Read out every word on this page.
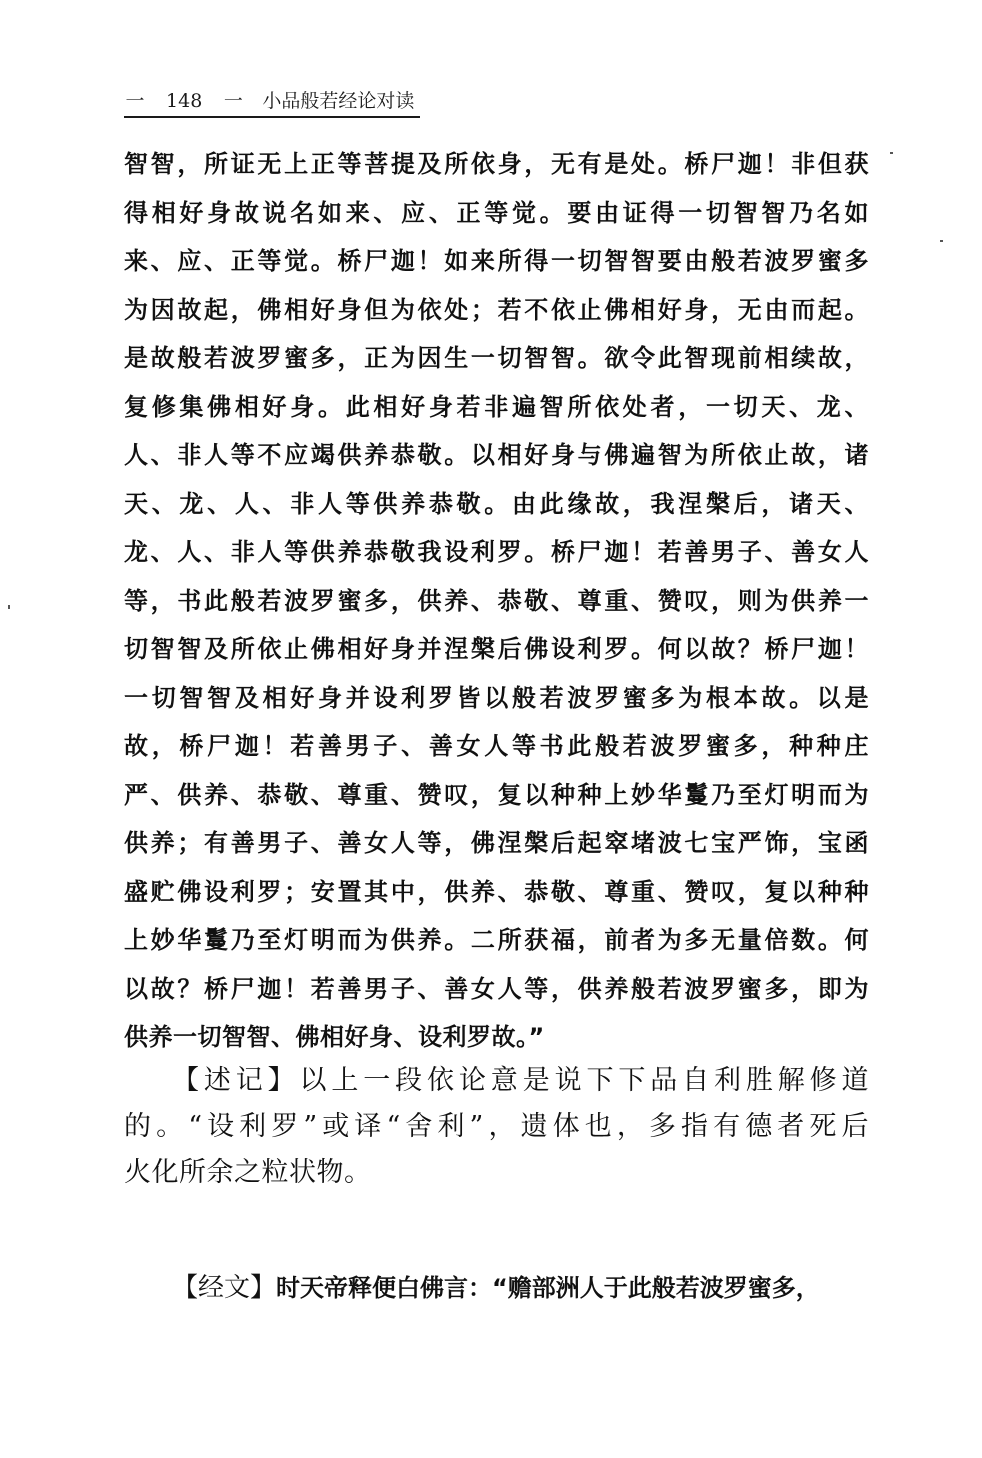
一 148 一 小品般若经论对读
智智，所证无上正等菩提及所依身，无有是处。桥尸迦！非但获
得相好身故说名如来、应、正等觉。要由证得一切智智乃名如
来、应、正等觉。桥尸迦！如来所得一切智智要由般若波罗蜜多
为因故起，佛相好身但为依处；若不依止佛相好身，无由而起。
是故般若波罗蜜多，正为因生一切智智。欲令此智现前相续故，
复修集佛相好身。此相好身若非遍智所依处者，一切天、龙、
人、非人等不应竭供养恭敬。以相好身与佛遍智为所依止故，诸
天、龙、人、非人等供养恭敬。由此缘故，我涅槃后，诸天、
龙、人、非人等供养恭敬我设利罗。桥尸迦！若善男子、善女人
等，书此般若波罗蜜多，供养、恭敬、尊重、赞叹，则为供养一
切智智及所依止佛相好身并涅槃后佛设利罗。何以故？桥尸迦！
一切智智及相好身并设利罗皆以般若波罗蜜多为根本故。以是
故，桥尸迦！若善男子、善女人等书此般若波罗蜜多，种种庄
严、供养、恭敬、尊重、赞叹，复以种种上妙华鬘乃至灯明而为
供养；有善男子、善女人等，佛涅槃后起窣堵波七宝严饰，宝函
盛贮佛设利罗；安置其中，供养、恭敬、尊重、赞叹，复以种种
上妙华鬘乃至灯明而为供养。二所获福，前者为多无量倍数。何
以故？桥尸迦！若善男子、善女人等，供养般若波罗蜜多，即为
供养一切智智、佛相好身、设利罗故。”
【述记】以上一段依论意是说下下品自利胜解修道
的。“设利罗”或译“舍利”，遗体也，多指有德者死后
火化所余之粒状物。
【经文】时天帝释便白佛言：“赡部洲人于此般若波罗蜜多，
